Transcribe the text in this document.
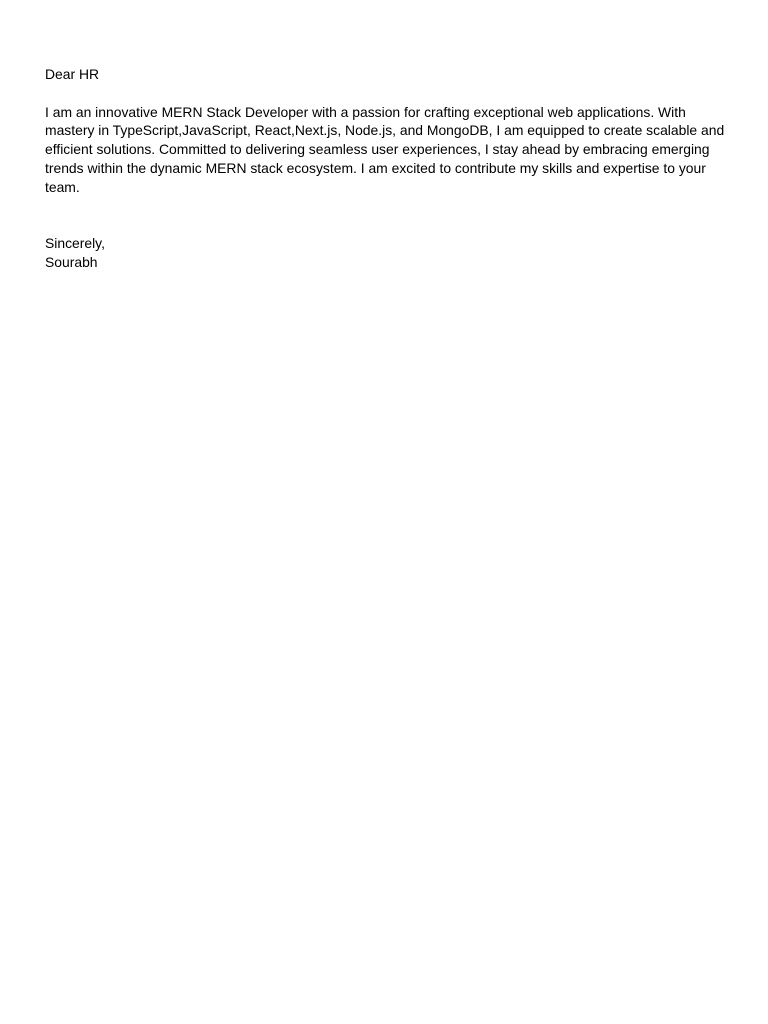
Dear HR

I am an innovative MERN Stack Developer with a passion for crafting exceptional web applications. With mastery in TypeScript,JavaScript, React,Next.js, Node.js, and MongoDB, I am equipped to create scalable and efficient solutions. Committed to delivering seamless user experiences, I stay ahead by embracing emerging trends within the dynamic MERN stack ecosystem. I am excited to contribute my skills and expertise to your team.

Sincerely,

Sourabh
